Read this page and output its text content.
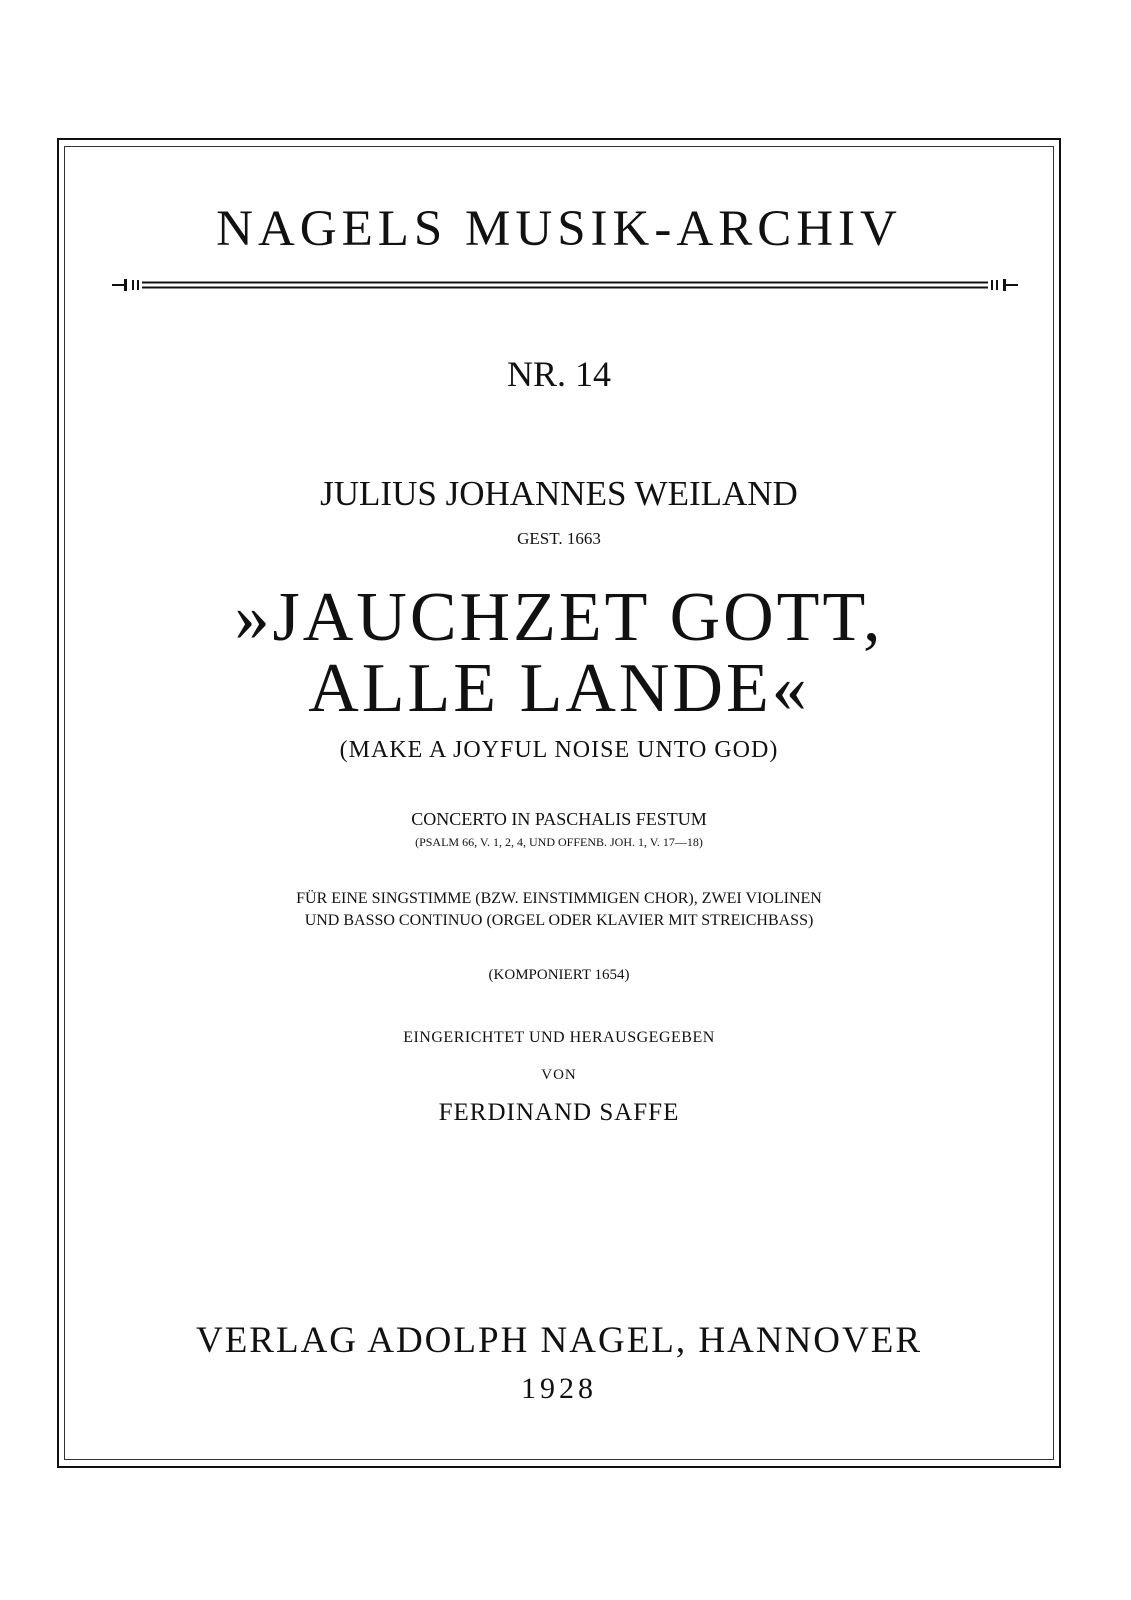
NAGELS MUSIK-ARCHIV
NR. 14
JULIUS JOHANNES WEILAND
GEST. 1663
»JAUCHZET GOTT,
ALLE LANDE«
(MAKE A JOYFUL NOISE UNTO GOD)
CONCERTO IN PASCHALIS FESTUM
(PSALM 66, V. 1, 2, 4, UND OFFENB. JOH. 1, V. 17—18)
FÜR EINE SINGSTIMME (BZW. EINSTIMMIGEN CHOR), ZWEI VIOLINEN
UND BASSO CONTINUO (ORGEL ODER KLAVIER MIT STREICHBASS)
(KOMPONIERT 1654)
EINGERICHTET UND HERAUSGEGEBEN
VON
FERDINAND SAFFE
VERLAG ADOLPH NAGEL, HANNOVER
1928
